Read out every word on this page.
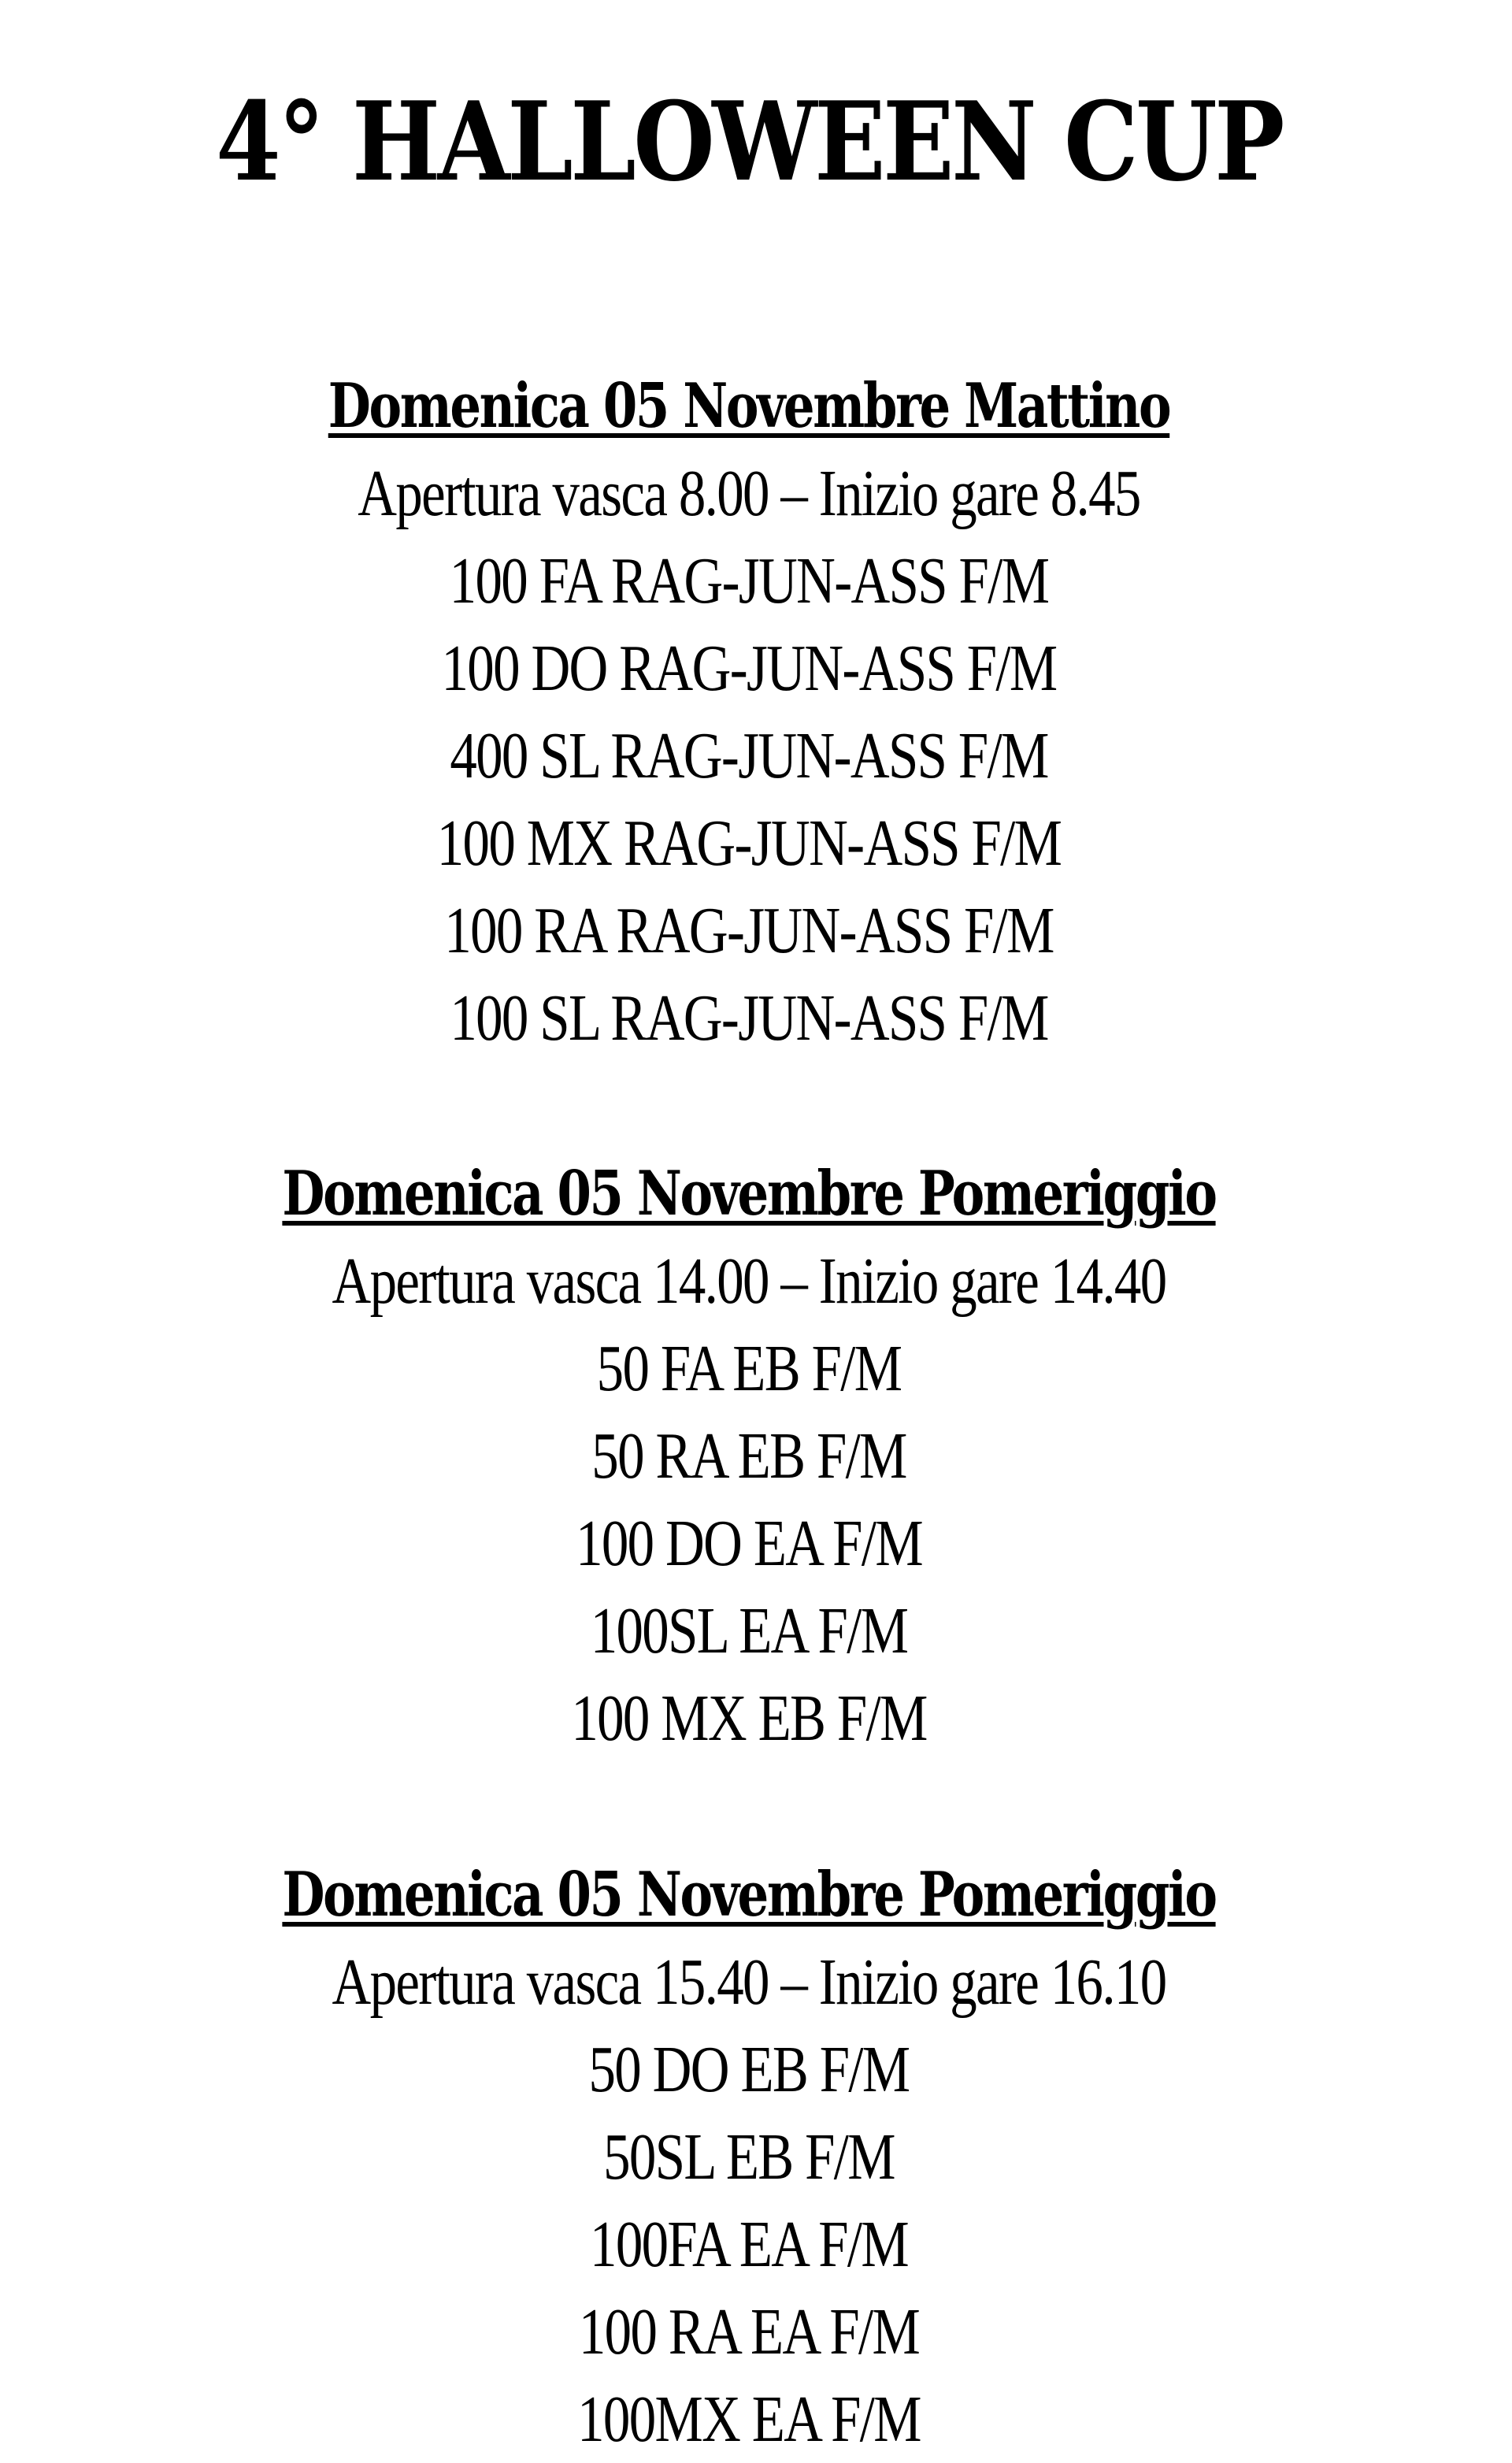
4° HALLOWEEN CUP
Domenica 05 Novembre Mattino
Apertura vasca 8.00 – Inizio gare 8.45
100 FA RAG-JUN-ASS F/M
100 DO RAG-JUN-ASS F/M
400 SL RAG-JUN-ASS F/M
100 MX RAG-JUN-ASS F/M
100 RA RAG-JUN-ASS F/M
100 SL RAG-JUN-ASS F/M
Domenica 05 Novembre Pomeriggio
Apertura vasca 14.00 – Inizio gare 14.40
50 FA EB F/M
50 RA EB F/M
100 DO EA F/M
100SL EA F/M
100 MX EB F/M
Domenica 05 Novembre Pomeriggio
Apertura vasca 15.40 – Inizio gare 16.10
50 DO EB F/M
50SL EB F/M
100FA EA F/M
100 RA EA F/M
100MX EA F/M
